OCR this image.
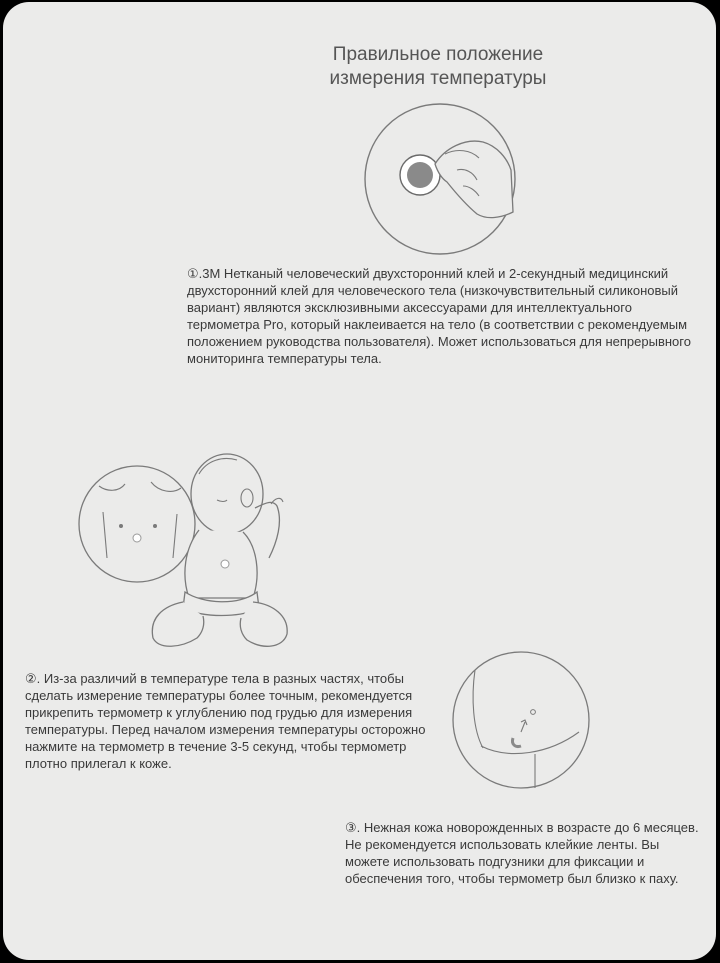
Правильное положение
измерения температуры
①.3M Нетканый человеческий двухсторонний клей и 2-секундный медицинский двухсторонний клей для человеческого тела (низкочувствительный силиконовый вариант) являются эксклюзивными аксессуарами для интеллектуального термометра Pro, который наклеивается на тело (в соответствии с рекомендуемым положением руководства пользователя). Может использоваться для непрерывного мониторинга температуры тела.
②. Из-за различий в температуре тела в разных частях, чтобы сделать измерение температуры более точным, рекомендуется прикрепить термометр к углублению под грудью для измерения температуры. Перед началом измерения температуры осторожно нажмите на термометр в течение 3-5 секунд, чтобы термометр плотно прилегал к коже.
③. Нежная кожа новорожденных в возрасте до 6 месяцев. Не рекомендуется использовать клейкие ленты. Вы можете использовать подгузники для фиксации и обеспечения того, чтобы термометр был близко к паху.
